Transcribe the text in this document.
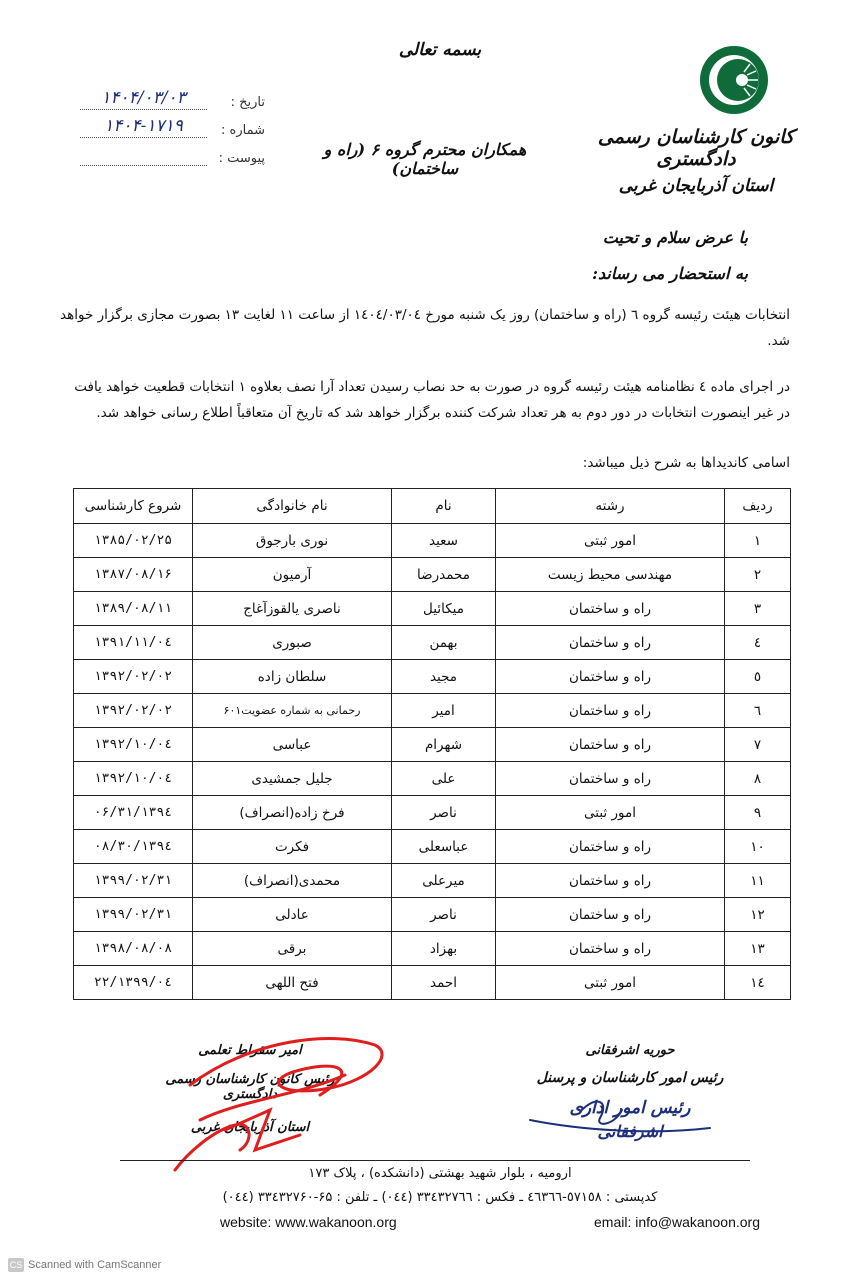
بسمه تعالی
کانون کارشناسان رسمی دادگستری
استان آذربایجان غربی
تاریخ :
۱۴۰۴/۰۳/۰۳
شماره :
۱۴۰۴-۱۷۱۹
پیوست :	همکاران محترم گروه ۶ (راه و ساختمان)
با عرض سلام و تحیت
به استحضار می رساند:
انتخابات هیئت رئیسه گروه ٦ (راه و ساختمان) روز یک شنبه مورخ ١٤٠٤/٠٣/٠٤ از ساعت ١١ لغایت ١٣ بصورت مجازی برگزار خواهد شد.
در اجرای ماده ٤ نظامنامه هیئت رئیسه گروه در صورت به حد نصاب رسیدن تعداد آرا نصف بعلاوه ١ انتخابات قطعیت خواهد یافت در غیر اینصورت انتخابات در دور دوم به هر تعداد شرکت کننده برگزار خواهد شد که تاریخ آن متعاقباً اطلاع رسانی خواهد شد.
اسامی کاندیداها به شرح ذیل میباشد:
ردیف	رشته	نام	نام خانوادگی	شروع کارشناسی
۱	امور ثبتی	سعید	نوری بارجوق	۱۳۸۵/۰۲/۲۵
۲	مهندسی محیط زیست	محمدرضا	آرمیون	۱۳۸۷/۰۸/۱۶
۳	راه و ساختمان	میکائیل	ناصری یالقوزآغاج	۱۳۸۹/۰۸/۱۱
٤	راه و ساختمان	بهمن	صبوری	۱۳۹۱/۱۱/۰٤
٥	راه و ساختمان	مجید	سلطان زاده	۱۳۹۲/۰۲/۰۲
٦	راه و ساختمان	امیر	رحمانی به شماره عضویت۶۰۱	۱۳۹۲/۰۲/۰۲
۷	راه و ساختمان	شهرام	عباسی	۱۳۹۲/۱۰/۰٤
۸	راه و ساختمان	علی	جلیل جمشیدی	۱۳۹۲/۱۰/۰٤
۹	امور ثبتی	ناصر	فرخ زاده(انصراف)	۱۳۹٤/۰۶/۳۱
۱۰	راه و ساختمان	عباسعلی	فکرت	۱۳۹٤/۰۸/۳۰
۱۱	راه و ساختمان	میرعلی	محمدی(انصراف)	۱۳۹۹/۰۲/۳۱
۱۲	راه و ساختمان	ناصر	عادلی	۱۳۹۹/۰۲/۳۱
۱۳	راه و ساختمان	بهزاد	برقی	۱۳۹۸/۰۸/۰۸
١٤	امور ثبتی	احمد	فتح اللهی	۱۳۹۹/۰٤/۲۲
حوریه اشرفقانی
رئیس امور کارشناسان و پرسنل
رئیس امور اداری
اشرفقانی
امیر سقراط تعلمی
رئیس کانون کارشناسان رسمی دادگستری
استان آذربایجان غربی
ارومیه ، بلوار شهید بهشتی (دانشکده) ، پلاک ۱۷۳
کدپستی : ٥٧١٥٨-٤٦٣٦٦ ـ فکس : ۳۳٤۳۲۷٦٦ (۰٤٤) ـ تلفن : ۶۵-۳۳٤۳۲۷۶۰ (۰٤٤)
website: www.wakanoon.org	email: info@wakanoon.org
CS Scanned with CamScanner
